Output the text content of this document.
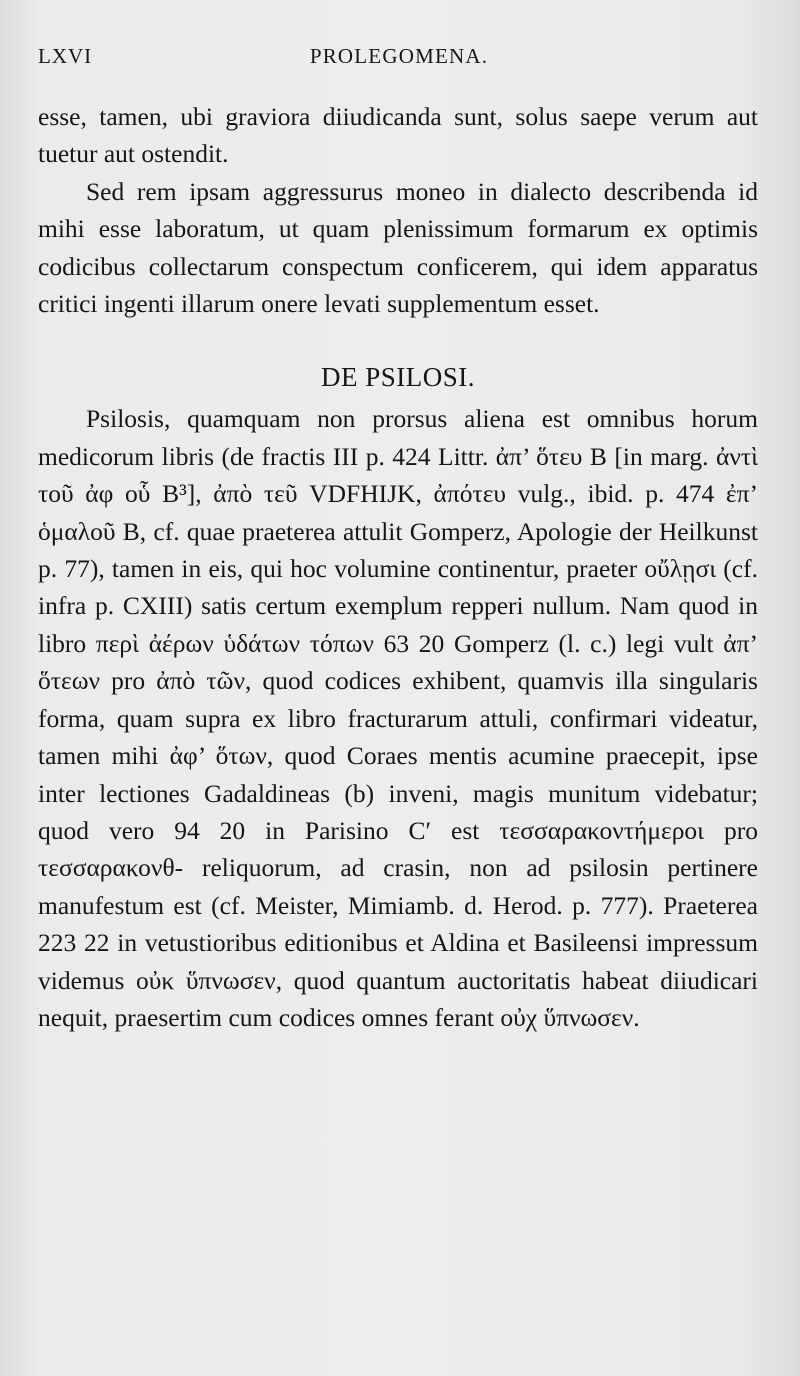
LXVI	PROLEGOMENA.

esse, tamen, ubi graviora diiudicanda sunt, solus saepe verum aut tuetur aut ostendit.

Sed rem ipsam aggressurus moneo in dialecto describenda id mihi esse laboratum, ut quam plenissimum formarum ex optimis codicibus collectarum conspectum conficerem, qui idem apparatus critici ingenti illarum onere levati supplementum esset.

DE PSILOSI.

Psilosis, quamquam non prorsus aliena est omnibus horum medicorum libris (de fractis III p. 424 Littr. ἀπ’ ὅτευ B [in marg. ἀντὶ τοῦ ἀφ οὗ B³], ἀπὸ τεῦ VDFHIJK, ἀπότευ vulg., ibid. p. 474 ἐπ’ ὁμαλοῦ B, cf. quae praeterea attulit Gomperz, Apologie der Heilkunst p. 77), tamen in eis, qui hoc volumine continentur, praeter οὔλῃσι (cf. infra p. CXIII) satis certum exemplum repperi nullum. Nam quod in libro περὶ ἀέρων ὑδάτων τόπων 63 20 Gomperz (l. c.) legi vult ἀπ’ ὅτεων pro ἀπὸ τῶν, quod codices exhibent, quamvis illa singularis forma, quam supra ex libro fracturarum attuli, confirmari videatur, tamen mihi ἀφ’ ὅτων, quod Coraes mentis acumine praecepit, ipse inter lectiones Gadaldineas (b) inveni, magis munitum videbatur; quod vero 94 20 in Parisino C′ est τεσσαρακοντήμεροι pro τεσσαρακονθ- reliquorum, ad crasin, non ad psilosin pertinere manufestum est (cf. Meister, Mimiamb. d. Herod. p. 777). Praeterea 223 22 in vetustioribus editionibus et Aldina et Basileensi impressum videmus οὐκ ὕπνωσεν, quod quantum auctoritatis habeat diiudicari nequit, praesertim cum codices omnes ferant οὐχ ὕπνωσεν.
